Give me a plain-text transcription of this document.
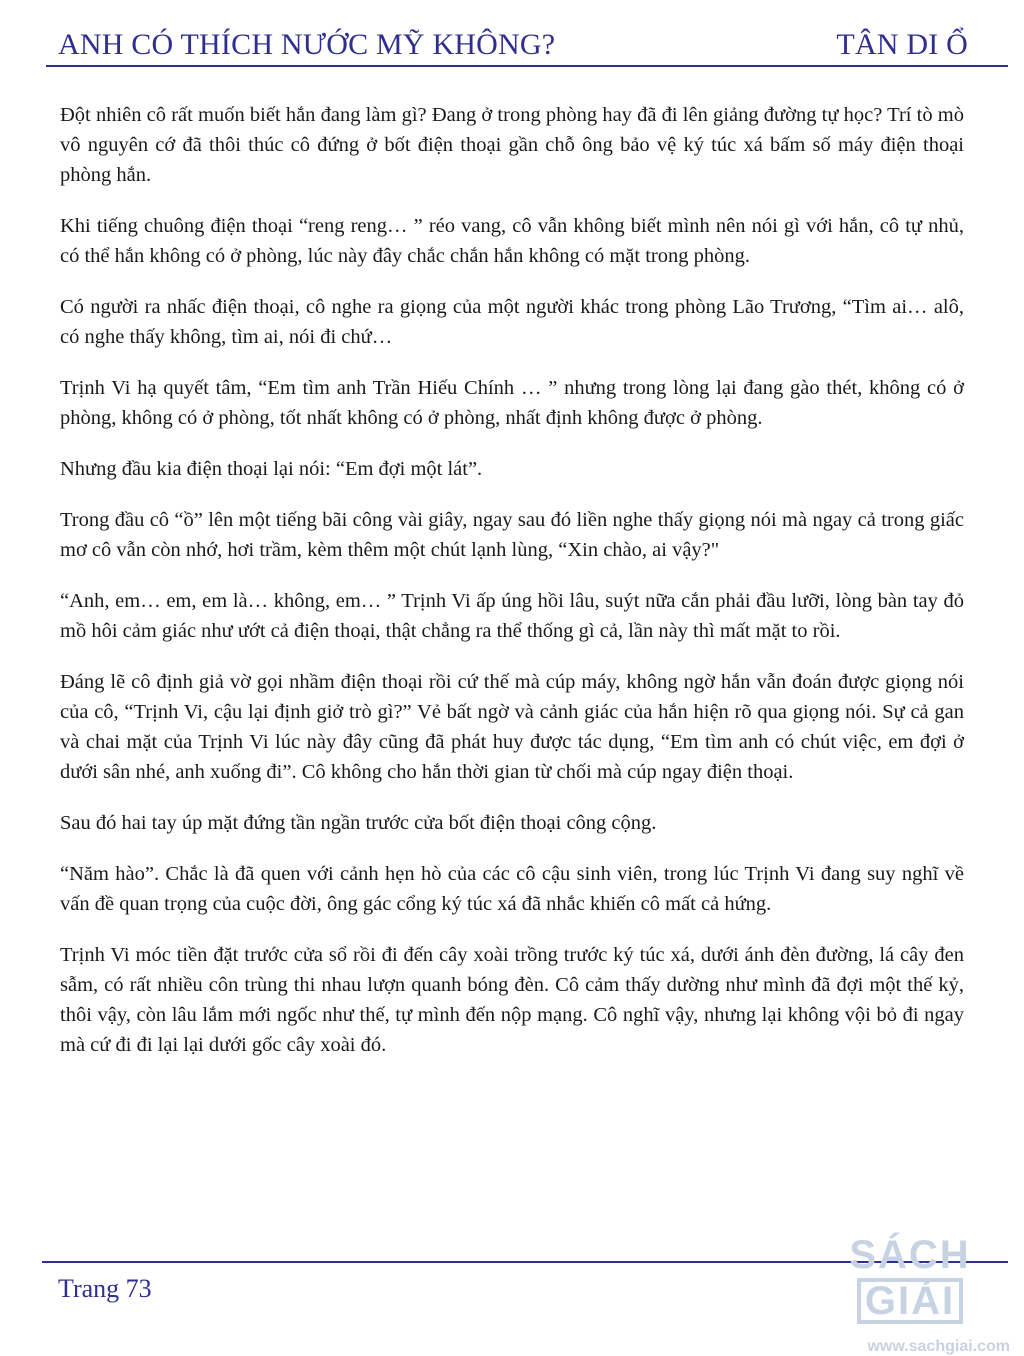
ANH CÓ THÍCH NƯỚC MỸ KHÔNG?	TÂN DI Ổ

Đột nhiên cô rất muốn biết hắn đang làm gì? Đang ở trong phòng hay đã đi lên giảng đường tự học? Trí tò mò vô nguyên cớ đã thôi thúc cô đứng ở bốt điện thoại gần chỗ ông bảo vệ ký túc xá bấm số máy điện thoại phòng hắn.

Khi tiếng chuông điện thoại “reng reng… ” réo vang, cô vẫn không biết mình nên nói gì với hắn, cô tự nhủ, có thể hắn không có ở phòng, lúc này đây chắc chắn hắn không có mặt trong phòng.

Có người ra nhấc điện thoại, cô nghe ra giọng của một người khác trong phòng Lão Trương, “Tìm ai… alô, có nghe thấy không, tìm ai, nói đi chứ…

Trịnh Vi hạ quyết tâm, “Em tìm anh Trần Hiếu Chính … ” nhưng trong lòng lại đang gào thét, không có ở phòng, không có ở phòng, tốt nhất không có ở phòng, nhất định không được ở phòng.

Nhưng đầu kia điện thoại lại nói: “Em đợi một lát”.

Trong đầu cô “ồ” lên một tiếng bãi công vài giây, ngay sau đó liền nghe thấy giọng nói mà ngay cả trong giấc mơ cô vẫn còn nhớ, hơi trầm, kèm thêm một chút lạnh lùng, “Xin chào, ai vậy?"

“Anh, em… em, em là… không, em… ” Trịnh Vi ấp úng hồi lâu, suýt nữa cắn phải đầu lưỡi, lòng bàn tay đỏ mồ hôi cảm giác như ướt cả điện thoại, thật chẳng ra thể thống gì cả, lần này thì mất mặt to rồi.

Đáng lẽ cô định giả vờ gọi nhầm điện thoại rồi cứ thế mà cúp máy, không ngờ hắn vẫn đoán được giọng nói của cô, “Trịnh Vi, cậu lại định giở trò gì?” Vẻ bất ngờ và cảnh giác của hắn hiện rõ qua giọng nói. Sự cả gan và chai mặt của Trịnh Vi lúc này đây cũng đã phát huy được tác dụng, “Em tìm anh có chút việc, em đợi ở dưới sân nhé, anh xuống đi”. Cô không cho hắn thời gian từ chối mà cúp ngay điện thoại.

Sau đó hai tay úp mặt đứng tần ngần trước cửa bốt điện thoại công cộng.

“Năm hào”. Chắc là đã quen với cảnh hẹn hò của các cô cậu sinh viên, trong lúc Trịnh Vi đang suy nghĩ về vấn đề quan trọng của cuộc đời, ông gác cổng ký túc xá đã nhắc khiến cô mất cả hứng.

Trịnh Vi móc tiền đặt trước cửa sổ rồi đi đến cây xoài trồng trước ký túc xá, dưới ánh đèn đường, lá cây đen sẫm, có rất nhiều côn trùng thi nhau lượn quanh bóng đèn. Cô cảm thấy dường như mình đã đợi một thế kỷ, thôi vậy, còn lâu lắm mới ngốc như thế, tự mình đến nộp mạng. Cô nghĩ vậy, nhưng lại không vội bỏ đi ngay mà cứ đi đi lại lại dưới gốc cây xoài đó.

Trang 73
SÁCHGIẢI
www.sachgiai.com
